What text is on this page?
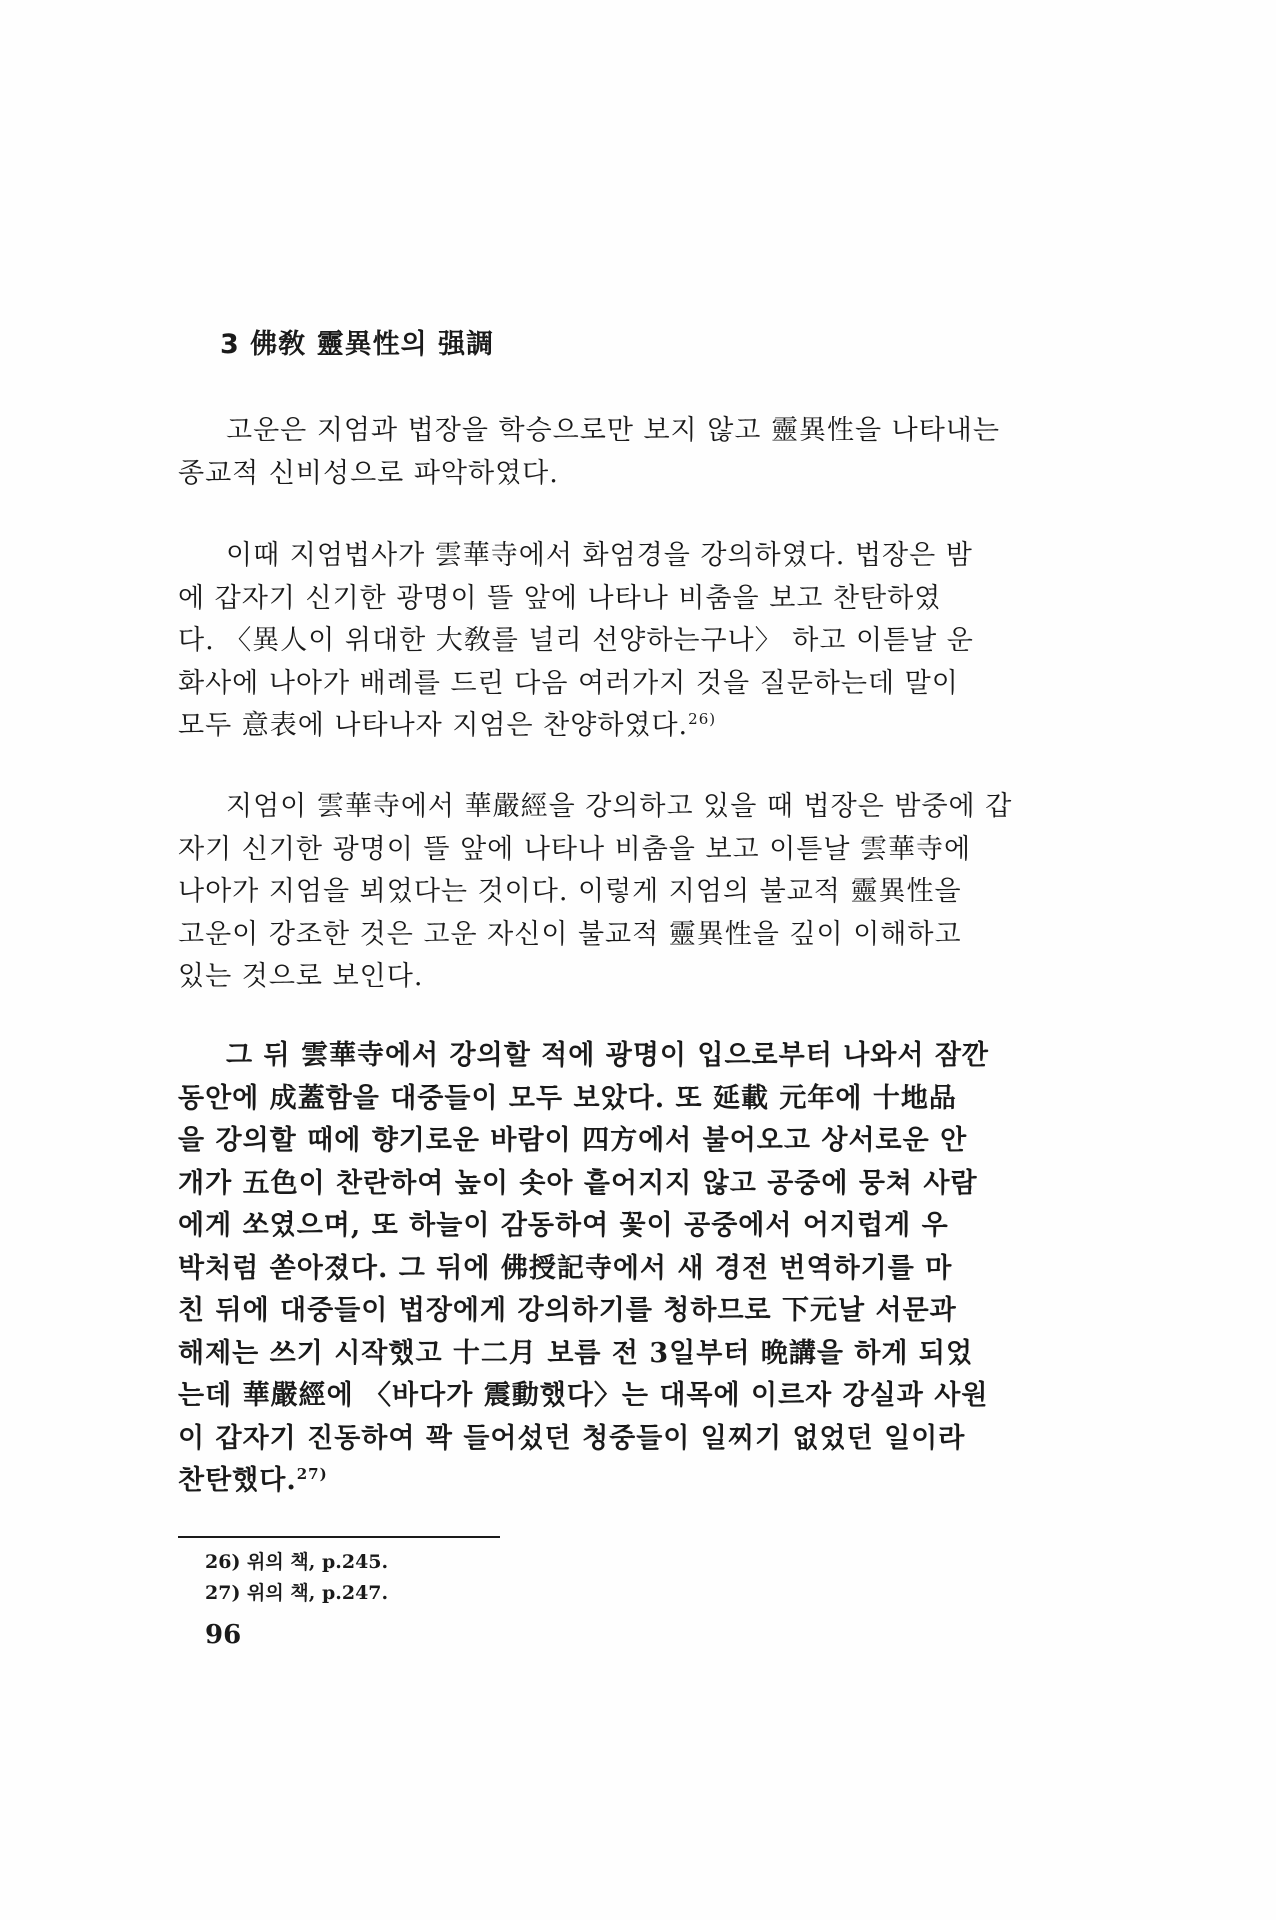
3 佛敎 靈異性의 强調
고운은 지엄과 법장을 학승으로만 보지 않고 靈異性을 나타내는
종교적 신비성으로 파악하였다.
이때 지엄법사가 雲華寺에서 화엄경을 강의하였다. 법장은 밤
에 갑자기 신기한 광명이 뜰 앞에 나타나 비춤을 보고 찬탄하였
다. 〈異人이 위대한 大敎를 널리 선양하는구나〉 하고 이튿날 운
화사에 나아가 배례를 드린 다음 여러가지 것을 질문하는데 말이
모두 意表에 나타나자 지엄은 찬양하였다.$^{26)}$
지엄이 雲華寺에서 華嚴經을 강의하고 있을 때 법장은 밤중에 갑
자기 신기한 광명이 뜰 앞에 나타나 비춤을 보고 이튿날 雲華寺에
나아가 지엄을 뵈었다는 것이다. 이렇게 지엄의 불교적 靈異性을
고운이 강조한 것은 고운 자신이 불교적 靈異性을 깊이 이해하고
있는 것으로 보인다.
그 뒤 雲華寺에서 강의할 적에 광명이 입으로부터 나와서 잠깐
동안에 成蓋함을 대중들이 모두 보았다. 또 延載 元年에 十地品
을 강의할 때에 향기로운 바람이 四方에서 불어오고 상서로운 안
개가 五色이 찬란하여 높이 솟아 흩어지지 않고 공중에 뭉쳐 사람
에게 쏘였으며, 또 하늘이 감동하여 꽃이 공중에서 어지럽게 우
박처럼 쏟아졌다. 그 뒤에 佛授記寺에서 새 경전 번역하기를 마
친 뒤에 대중들이 법장에게 강의하기를 청하므로 下元날 서문과
해제는 쓰기 시작했고 十二月 보름 전 3일부터 晩講을 하게 되었
는데 華嚴經에 〈바다가 震動했다〉는 대목에 이르자 강실과 사원
이 갑자기 진동하여 꽉 들어섰던 청중들이 일찌기 없었던 일이라
찬탄했다.$^{27)}$
26) 위의 책, p.245.
27) 위의 책, p.247.
96
